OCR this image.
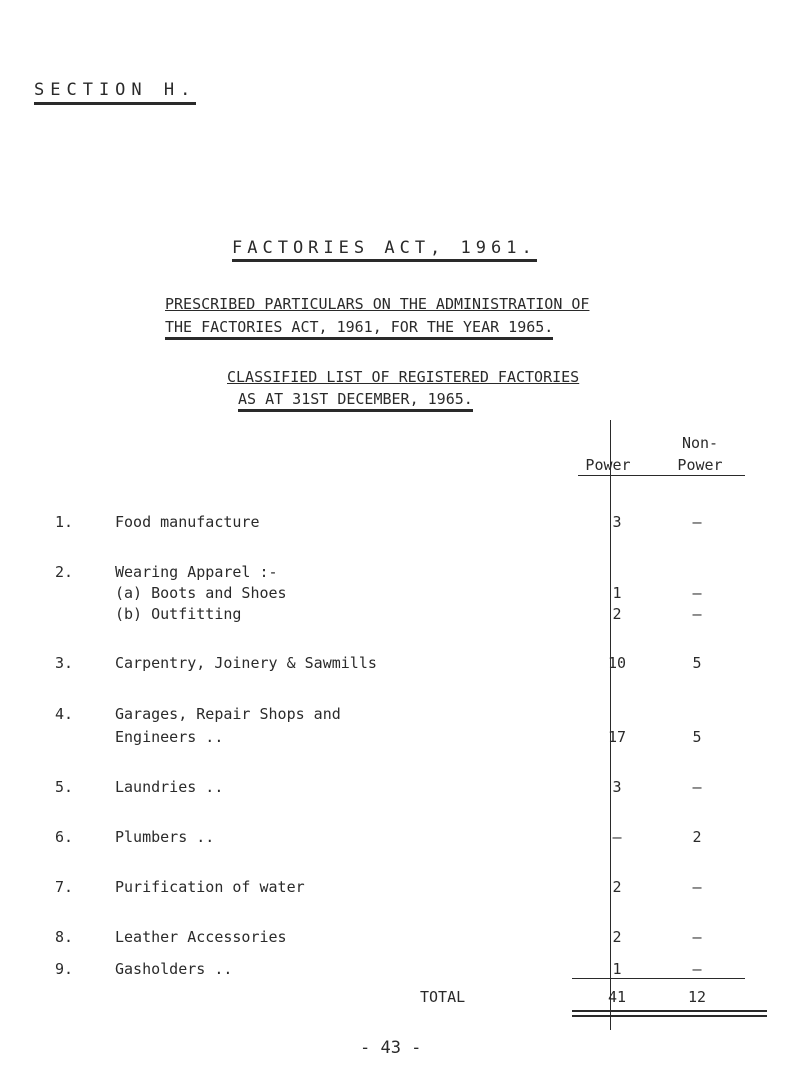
SECTION H.
FACTORIES ACT, 1961.
PRESCRIBED PARTICULARS ON THE ADMINISTRATION OF
THE FACTORIES ACT, 1961, FOR THE YEAR 1965.
CLASSIFIED LIST OF REGISTERED FACTORIES
AS AT 31ST DECEMBER, 1965.
Non-
Power	Power
1.	Food manufacture	3	–
2.	Wearing Apparel :-
(a) Boots and Shoes	1	–
(b) Outfitting	2	–
3.	Carpentry, Joinery & Sawmills	10	5
4.	Garages, Repair Shops and
Engineers ..	17	5
5.	Laundries ..	3	–
6.	Plumbers ..	–	2
7.	Purification of water	2	–
8.	Leather Accessories	2	–
9.	Gasholders ..	1	–
TOTAL	41	12
- 43 -
